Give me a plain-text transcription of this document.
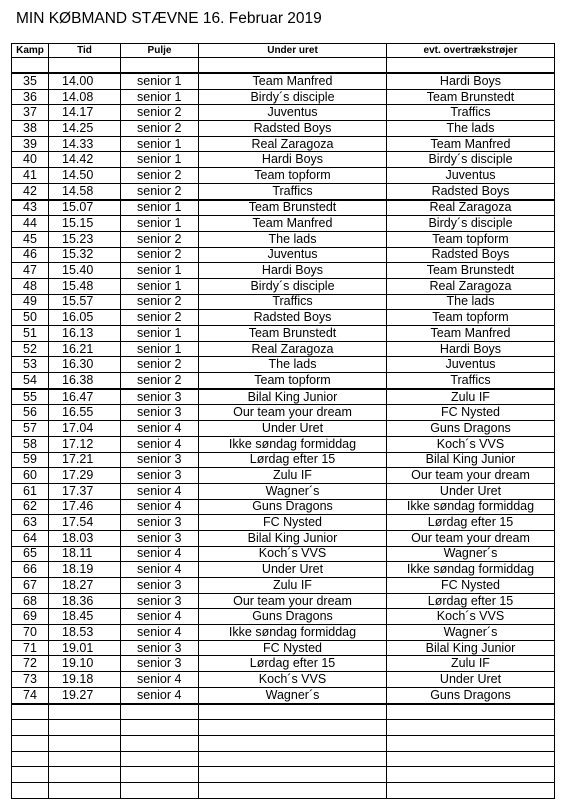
MIN KØBMAND STÆVNE 16. Februar 2019
Kamp	Tid	Pulje	Under uret	evt. overtrækstrøjer

35	14.00	senior 1	Team Manfred	Hardi Boys
36	14.08	senior 1	Birdy´s disciple	Team Brunstedt
37	14.17	senior 2	Juventus	Traffics
38	14.25	senior 2	Radsted Boys	The lads
39	14.33	senior 1	Real Zaragoza	Team Manfred
40	14.42	senior 1	Hardi Boys	Birdy´s disciple
41	14.50	senior 2	Team topform	Juventus
42	14.58	senior 2	Traffics	Radsted Boys
43	15.07	senior 1	Team Brunstedt	Real Zaragoza
44	15.15	senior 1	Team Manfred	Birdy´s disciple
45	15.23	senior 2	The lads	Team topform
46	15.32	senior 2	Juventus	Radsted Boys
47	15.40	senior 1	Hardi Boys	Team Brunstedt
48	15.48	senior 1	Birdy´s disciple	Real Zaragoza
49	15.57	senior 2	Traffics	The lads
50	16.05	senior 2	Radsted Boys	Team topform
51	16.13	senior 1	Team Brunstedt	Team Manfred
52	16.21	senior 1	Real Zaragoza	Hardi Boys
53	16.30	senior 2	The lads	Juventus
54	16.38	senior 2	Team topform	Traffics
55	16.47	senior 3	Bilal King Junior	Zulu IF
56	16.55	senior 3	Our team your dream	FC Nysted
57	17.04	senior 4	Under Uret	Guns Dragons
58	17.12	senior 4	Ikke søndag formiddag	Koch´s VVS
59	17.21	senior 3	Lørdag efter 15	Bilal King Junior
60	17.29	senior 3	Zulu IF	Our team your dream
61	17.37	senior 4	Wagner´s	Under Uret
62	17.46	senior 4	Guns Dragons	Ikke søndag formiddag
63	17.54	senior 3	FC Nysted	Lørdag efter 15
64	18.03	senior 3	Bilal King Junior	Our team your dream
65	18.11	senior 4	Koch´s VVS	Wagner´s
66	18.19	senior 4	Under Uret	Ikke søndag formiddag
67	18.27	senior 3	Zulu IF	FC Nysted
68	18.36	senior 3	Our team your dream	Lørdag efter 15
69	18.45	senior 4	Guns Dragons	Koch´s VVS
70	18.53	senior 4	Ikke søndag formiddag	Wagner´s
71	19.01	senior 3	FC Nysted	Bilal King Junior
72	19.10	senior 3	Lørdag efter 15	Zulu IF
73	19.18	senior 4	Koch´s VVS	Under Uret
74	19.27	senior 4	Wagner´s	Guns Dragons
